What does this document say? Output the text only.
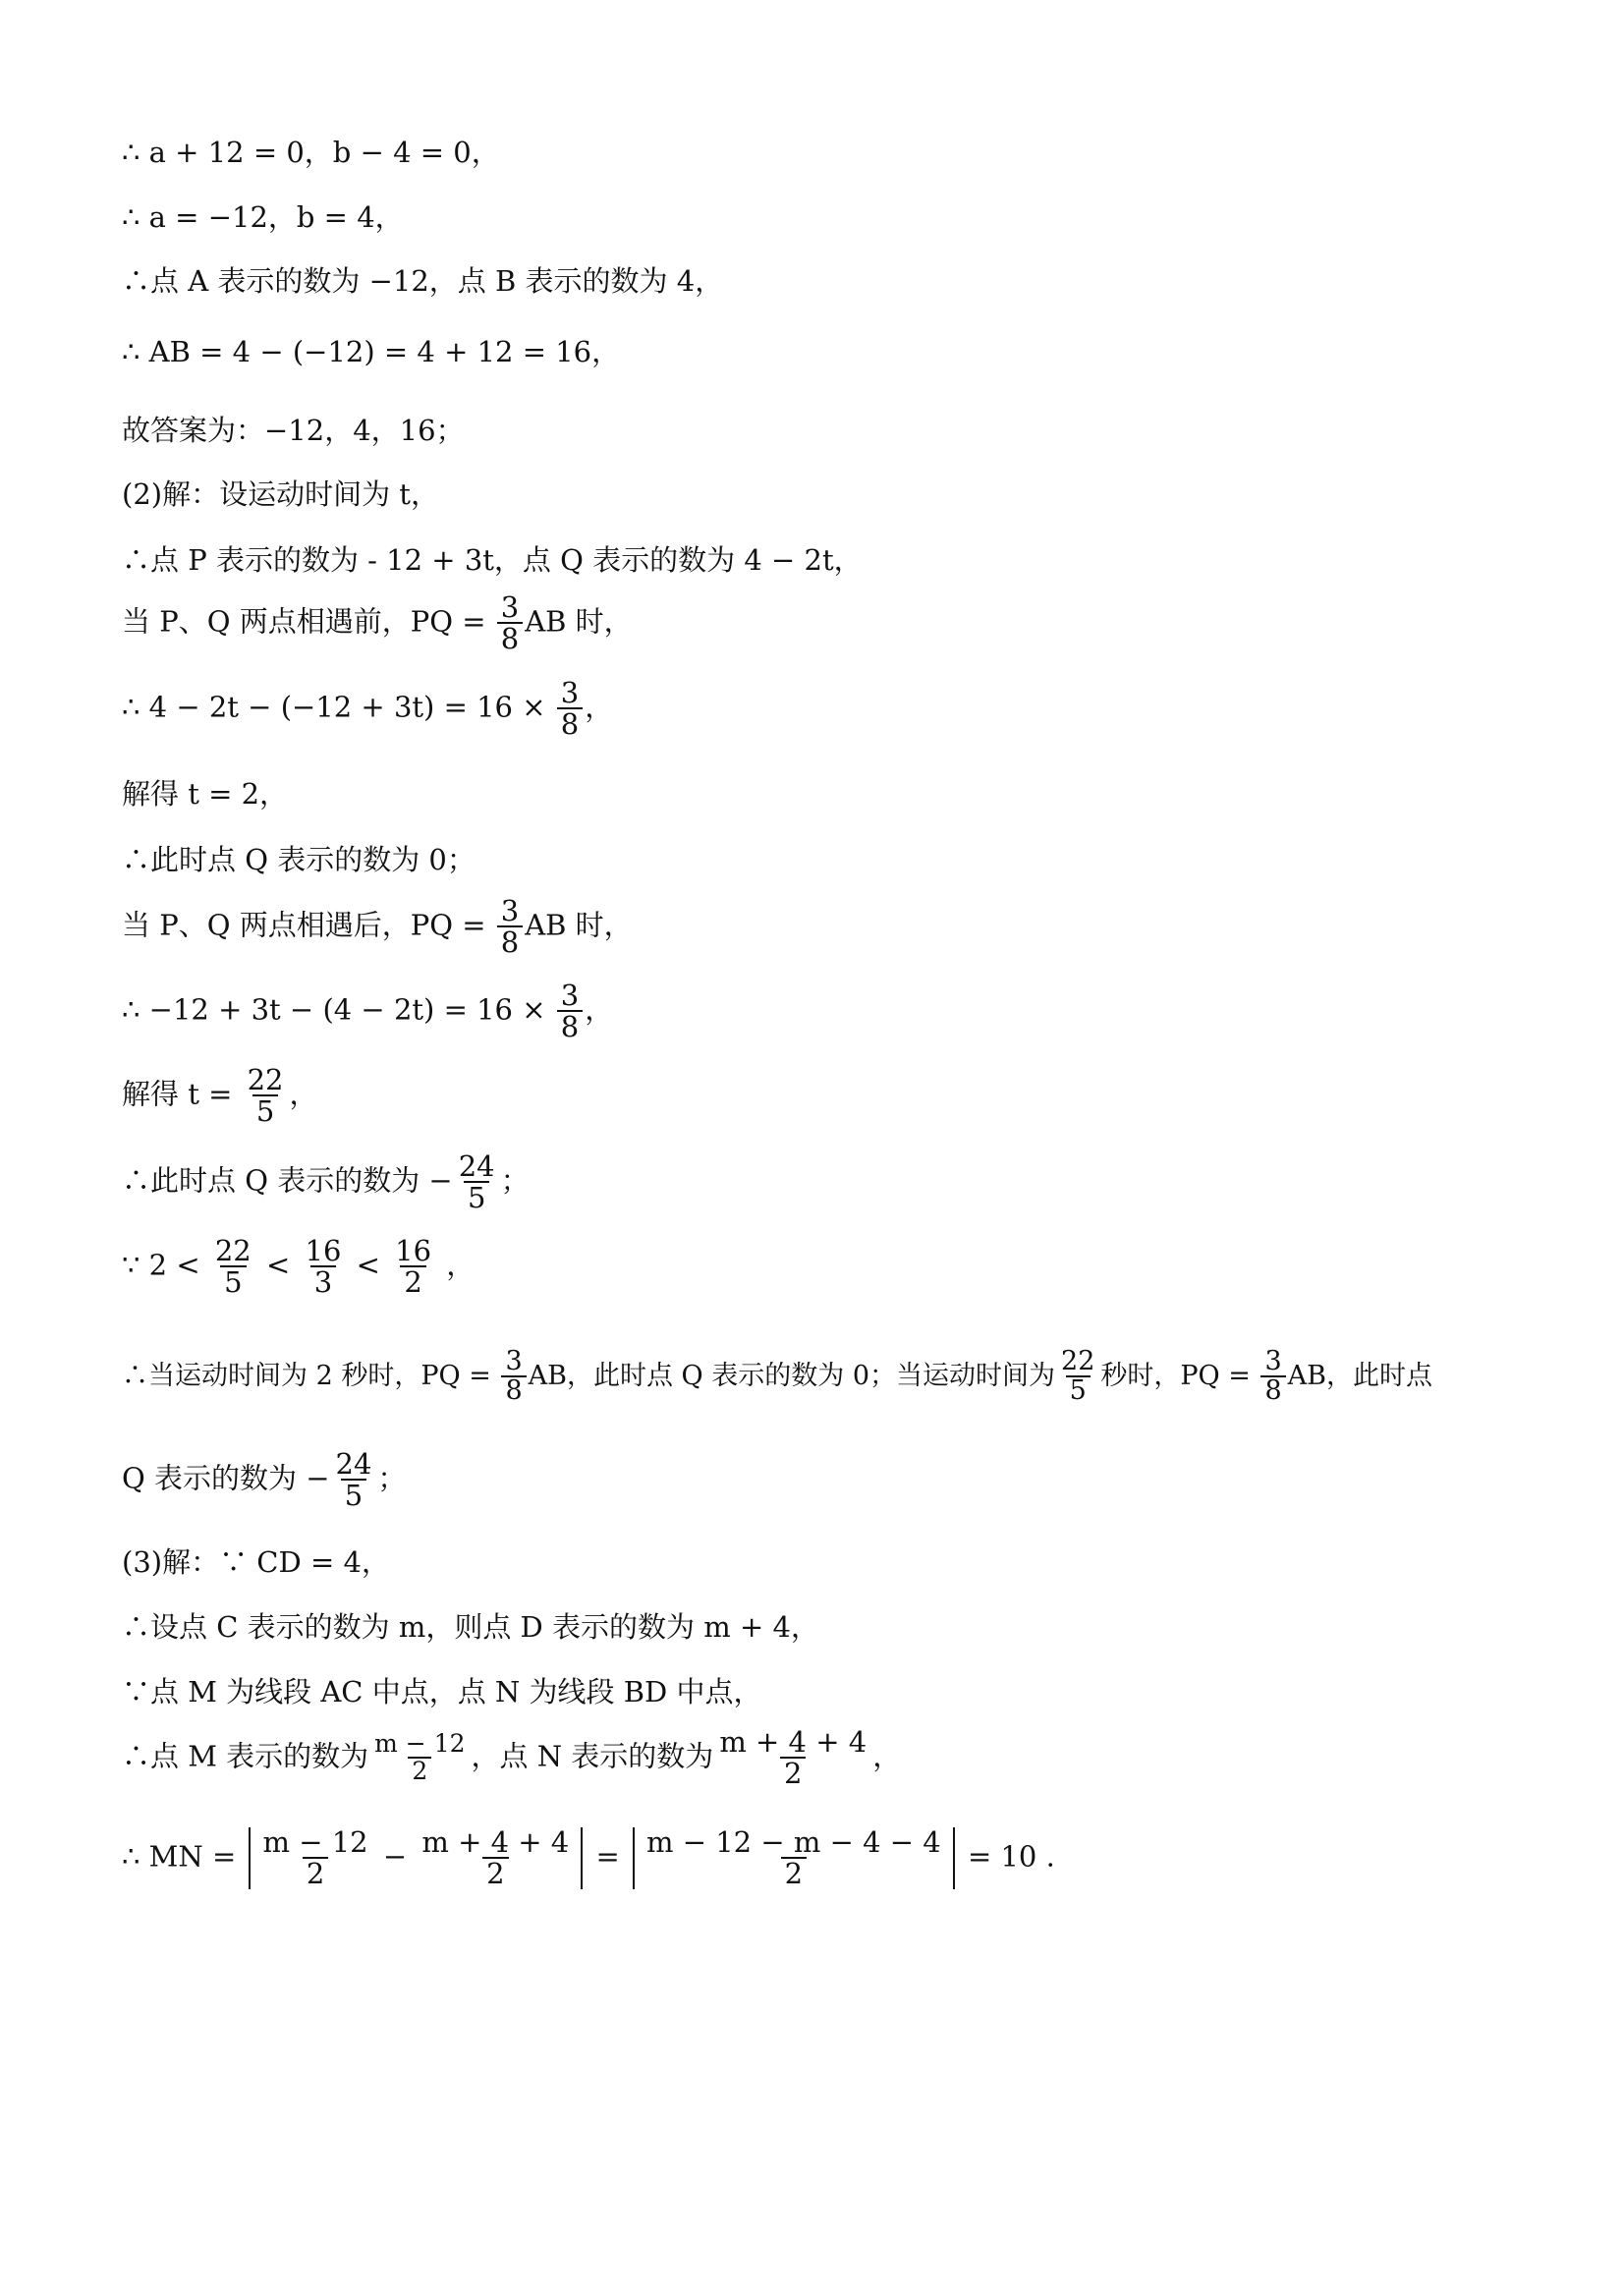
∴ a + 12 = 0，b − 4 = 0，
∴ a = −12，b = 4，
∴点 A 表示的数为 −12，点 B 表示的数为 4，
∴ AB = 4 − (−12) = 4 + 12 = 16，
故答案为：−12，4，16；
(2)解：设运动时间为 t，
∴点 P 表示的数为 - 12 + 3t，点 Q 表示的数为 4 − 2t，
当 P、Q 两点相遇前，PQ = $\frac{3}{8}$ AB 时，
∴ $4 - 2t - (-12 + 3t) = 16 \times \frac{3}{8}$ ，
解得 t = 2，
∴此时点 Q 表示的数为 0；
当 P、Q 两点相遇后，PQ = $\frac{3}{8}$ AB 时，
∴ $-12 + 3t - (4 - 2t) = 16 \times \frac{3}{8}$ ，
解得 $t = \frac{22}{5}$ ，
∴此时点 Q 表示的数为 − $\frac{24}{5}$ ；
∵ $2 < \frac{22}{5} < \frac{16}{3} < \frac{16}{2}$ ，
∴当运动时间为 2 秒时，PQ = $\frac{3}{8}$ AB，此时点 Q 表示的数为 0；当运动时间为 $\frac{22}{5}$ 秒时，PQ = $\frac{3}{8}$ AB，此时点
Q 表示的数为 − $\frac{24}{5}$ ；
(3)解：∵ CD = 4，
∴设点 C 表示的数为 m，则点 D 表示的数为 m + 4，
∵点 M 为线段 AC 中点，点 N 为线段 BD 中点，
∴点 M 表示的数为 $\frac{m - 12}{2}$ ，点 N 表示的数为 $\frac{m + 4 + 4}{2}$ ，
∴ MN = $\frac{m - 12}{2} - \frac{m + 4 + 4}{2} = \frac{m - 12 - m - 4 - 4}{2} = 10$ .
